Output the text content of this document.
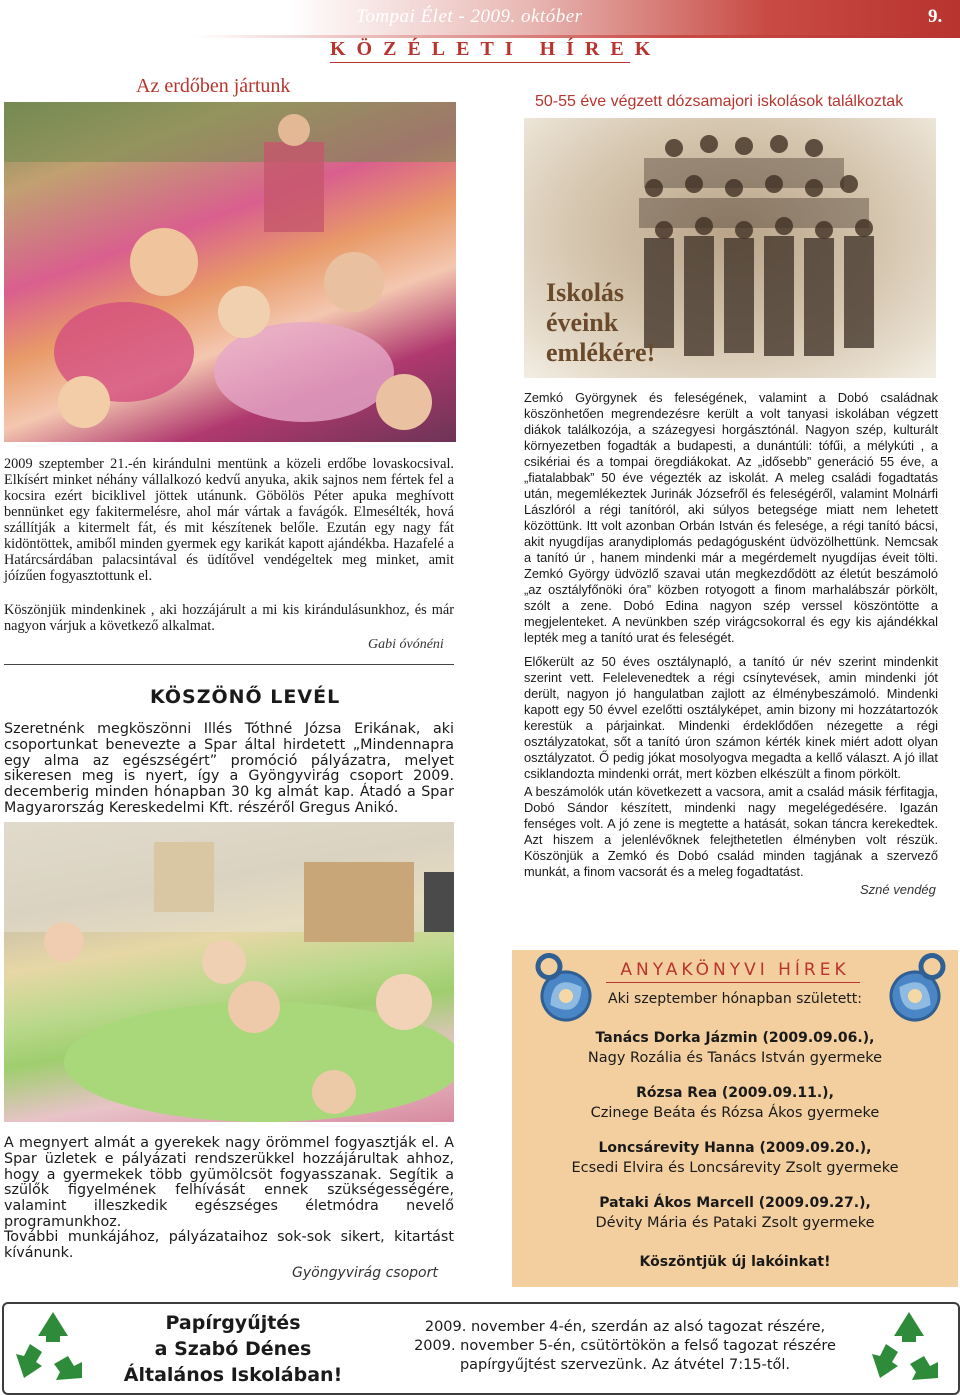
Tompai Élet - 2009. október	9.
KÖZÉLETI HÍREK
Az erdőben jártunk
2009 szeptember 21.-én kirándulni mentünk a közeli erdőbe lovaskocsival. Elkísért minket néhány vállalkozó kedvű anyuka, akik sajnos nem fértek fel a kocsira ezért biciklivel jöttek utánunk. Göbölös Péter apuka meghívott bennünket egy fakitermelésre, ahol már vártak a favágók. Elmesélték, hová szállítják a kitermelt fát, és mit készítenek belőle. Ezután egy nagy fát kidöntöttek, amiből minden gyermek egy karikát kapott ajándékba. Hazafelé a Határcsárdában palacsintával és üdítővel vendégeltek meg minket, amit jóízűen fogyasztottunk el.
Köszönjük mindenkinek , aki hozzájárult a mi kis kirándulásunkhoz, és már nagyon várjuk a következő alkalmat.
Gabi óvónéni
KÖSZÖNŐ LEVÉL
Szeretnénk megköszönni Illés Tóthné Józsa Erikának, aki csoportunkat benevezte a Spar által hirdetett „Mindennapra egy alma az egészségért” promóció pályázatra, melyet sikeresen meg is nyert, így a Gyöngyvirág csoport 2009. decemberig minden hónapban 30 kg almát kap. Átadó a Spar Magyarország Kereskedelmi Kft. részéről Gregus Anikó.
A megnyert almát a gyerekek nagy örömmel fogyasztják el. A Spar üzletek e pályázati rendszerükkel hozzájárultak ahhoz, hogy a gyermekek több gyümölcsöt fogyasszanak. Segítik a szülők figyelmének felhívását ennek szükségességére, valamint illeszkedik egészséges életmódra nevelő programunkhoz.
További munkájához, pályázataihoz sok-sok sikert, kitartást kívánunk.
Gyöngyvirág csoport
50-55 éve végzett dózsamajori iskolások találkoztak
Iskolás
éveink
emlékére!
Zemkó Györgynek és feleségének, valamint a Dobó családnak köszönhetően megrendezésre került a volt tanyasi iskolában végzett diákok találkozója, a százegyesi horgásztónál. Nagyon szép, kulturált környezetben fogadták a budapesti, a dunántúli: tófűi, a mélykúti , a csikériai és a tompai öregdiákokat. Az „idősebb” generáció 55 éve, a „fiatalabbak” 50 éve végezték az iskolát. A meleg családi fogadtatás után, megemlékeztek Jurinák Józsefről és feleségéről, valamint Molnárfi Lászlóról a régi tanítóról, aki súlyos betegsége miatt nem lehetett közöttünk. Itt volt azonban Orbán István és felesége, a régi tanító bácsi, akit nyugdíjas aranydiplomás pedagógusként üdvözölhettünk. Nemcsak a tanító úr , hanem mindenki már a megérdemelt nyugdíjas éveit tölti. Zemkó György üdvözlő szavai után megkezdődött az életút beszámoló „az osztályfőnöki óra” közben rotyogott a finom marhalábszár pörkölt, szólt a zene. Dobó Edina nagyon szép verssel köszöntötte a megjelenteket. A nevünkben szép virágcsokorral és egy kis ajándékkal lepték meg a tanító urat és feleségét.
Előkerült az 50 éves osztálynapló, a tanító úr név szerint mindenkit szerint vett. Felelevenedtek a régi csínytevések, amin mindenki jót derült, nagyon jó hangulatban zajlott az élménybeszámoló. Mindenki kapott egy 50 évvel ezelőtti osztályképet, amin bizony mi hozzátartozók kerestük a párjainkat. Mindenki érdeklődően nézegette a régi osztályzatokat, sőt a tanító úron számon kérték kinek miért adott olyan osztályzatot. Ő pedig jókat mosolyogva megadta a kellő választ. A jó illat csiklandozta mindenki orrát, mert közben elkészült a finom pörkölt.
A beszámolók után következett a vacsora, amit a család másik férfitagja, Dobó Sándor készített, mindenki nagy megelégedésére. Igazán fenséges volt. A jó zene is megtette a hatását, sokan táncra kerekedtek. Azt hiszem a jelenlévőknek felejthetetlen élményben volt részük. Köszönjük a Zemkó és Dobó család minden tagjának a szervező munkát, a finom vacsorát és a meleg fogadtatást.
Szné vendég
ANYAKÖNYVI HÍREK
Aki szeptember hónapban született:
Tanács Dorka Jázmin (2009.09.06.),
Nagy Rozália és Tanács István gyermeke
Rózsa Rea (2009.09.11.),
Czinege Beáta és Rózsa Ákos gyermeke
Loncsárevity Hanna (2009.09.20.),
Ecsedi Elvira és Loncsárevity Zsolt gyermeke
Pataki Ákos Marcell (2009.09.27.),
Dévity Mária és Pataki Zsolt gyermeke
Köszöntjük új lakóinkat!
Papírgyűjtés
a Szabó Dénes
Általános Iskolában!
2009. november 4-én, szerdán az alsó tagozat részére,
2009. november 5-én, csütörtökön a felső tagozat részére
papírgyűjtést szervezünk. Az átvétel 7:15-től.
